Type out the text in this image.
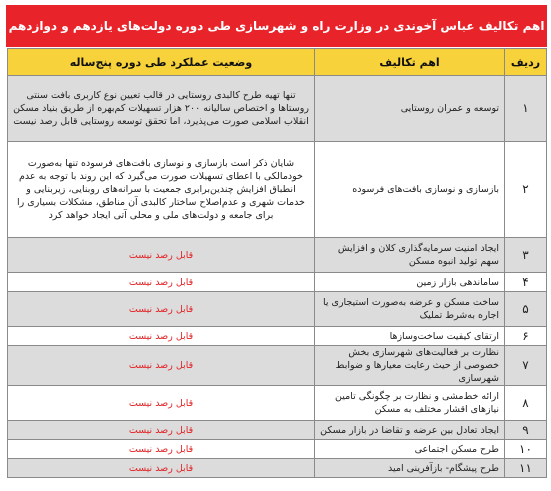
اهم تکالیف عباس آخوندی در وزارت راه و شهرسازی طی دوره دولت‌های یازدهم و دوازدهم
ردیف	اهم تکالیف	وضعیت عملکرد طی دوره پنج‌ساله
۱	توسعه و عمران روستایی	تنها تهیه طرح کالبدی روستایی در قالب تعیین نوع کاربری بافت سنتی روستاها و اختصاص سالیانه ۲۰۰ هزار تسهیلات کم‌بهره از طریق بنیاد مسکن انقلاب اسلامی صورت می‌پذیرد، اما تحقق توسعه روستایی قابل رصد نیست
۲	بازسازی و نوسازی بافت‌های فرسوده	شایان ذکر است بازسازی و نوسازی بافت‌های فرسوده تنها به‌صورت خودمالکی با اعطای تسهیلات صورت می‌گیرد که این روند با توجه به عدم انطباق افزایش چندین‌برابری جمعیت با سرانه‌های روبنایی، زیربنایی و خدمات شهری و عدم‌اصلاح ساختار کالبدی آن مناطق، مشکلات بسیاری را برای جامعه و دولت‌های ملی و محلی آتی ایجاد خواهد کرد
۳	ایجاد امنیت سرمایه‌گذاری کلان و افزایش سهم تولید انبوه مسکن	قابل رصد نیست
۴	ساماندهی بازار زمین	قابل رصد نیست
۵	ساخت مسکن و عرضه به‌صورت استیجاری یا اجاره به‌شرط تملیک	قابل رصد نیست
۶	ارتقای کیفیت ساخت‌وسازها	قابل رصد نیست
۷	نظارت بر فعالیت‌های شهرسازی بخش خصوصی از حیث رعایت معیارها و ضوابط شهرسازی	قابل رصد نیست
۸	ارائه خط‌مشی و نظارت بر چگونگی تامین نیازهای اقشار مختلف به مسکن	قابل رصد نیست
۹	ایجاد تعادل بین عرضه و تقاضا در بازار مسکن	قابل رصد نیست
۱۰	طرح مسکن اجتماعی	قابل رصد نیست
۱۱	طرح پیشگام- بازآفرینی امید	قابل رصد نیست
